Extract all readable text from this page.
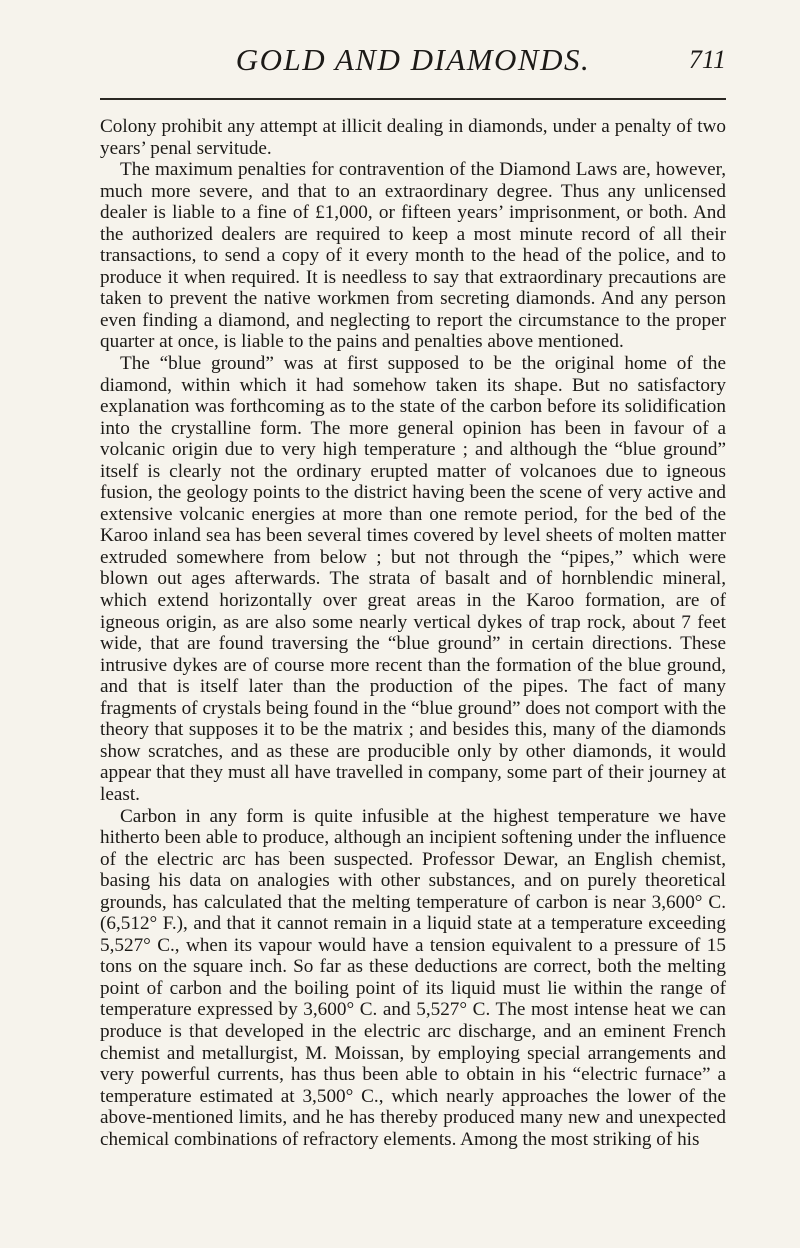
GOLD AND DIAMONDS.	711

Colony prohibit any attempt at illicit dealing in diamonds, under a penalty of two years’ penal servitude.

The maximum penalties for contravention of the Diamond Laws are, however, much more severe, and that to an extraordinary degree. Thus any unlicensed dealer is liable to a fine of £1,000, or fifteen years’ imprisonment, or both. And the authorized dealers are required to keep a most minute record of all their transactions, to send a copy of it every month to the head of the police, and to produce it when required. It is needless to say that extraordinary precautions are taken to prevent the native workmen from secreting diamonds. And any person even finding a diamond, and neglecting to report the circumstance to the proper quarter at once, is liable to the pains and penalties above mentioned.

The “blue ground” was at first supposed to be the original home of the diamond, within which it had somehow taken its shape. But no satisfactory explanation was forthcoming as to the state of the carbon before its solidification into the crystalline form. The more general opinion has been in favour of a volcanic origin due to very high temperature ; and although the “blue ground” itself is clearly not the ordinary erupted matter of volcanoes due to igneous fusion, the geology points to the district having been the scene of very active and extensive volcanic energies at more than one remote period, for the bed of the Karoo inland sea has been several times covered by level sheets of molten matter extruded somewhere from below ; but not through the “pipes,” which were blown out ages afterwards. The strata of basalt and of hornblendic mineral, which extend horizontally over great areas in the Karoo formation, are of igneous origin, as are also some nearly vertical dykes of trap rock, about 7 feet wide, that are found traversing the “blue ground” in certain directions. These intrusive dykes are of course more recent than the formation of the blue ground, and that is itself later than the production of the pipes. The fact of many fragments of crystals being found in the “blue ground” does not comport with the theory that supposes it to be the matrix ; and besides this, many of the diamonds show scratches, and as these are producible only by other diamonds, it would appear that they must all have travelled in company, some part of their journey at least.

Carbon in any form is quite infusible at the highest temperature we have hitherto been able to produce, although an incipient softening under the influence of the electric arc has been suspected. Professor Dewar, an English chemist, basing his data on analogies with other substances, and on purely theoretical grounds, has calculated that the melting temperature of carbon is near 3,600° C. (6,512° F.), and that it cannot remain in a liquid state at a temperature exceeding 5,527° C., when its vapour would have a tension equivalent to a pressure of 15 tons on the square inch. So far as these deductions are correct, both the melting point of carbon and the boiling point of its liquid must lie within the range of temperature expressed by 3,600° C. and 5,527° C. The most intense heat we can produce is that developed in the electric arc discharge, and an eminent French chemist and metallurgist, M. Moissan, by employing special arrangements and very powerful currents, has thus been able to obtain in his “electric furnace” a temperature estimated at 3,500° C., which nearly approaches the lower of the above-mentioned limits, and he has thereby produced many new and unexpected chemical combinations of refractory elements. Among the most striking of his
